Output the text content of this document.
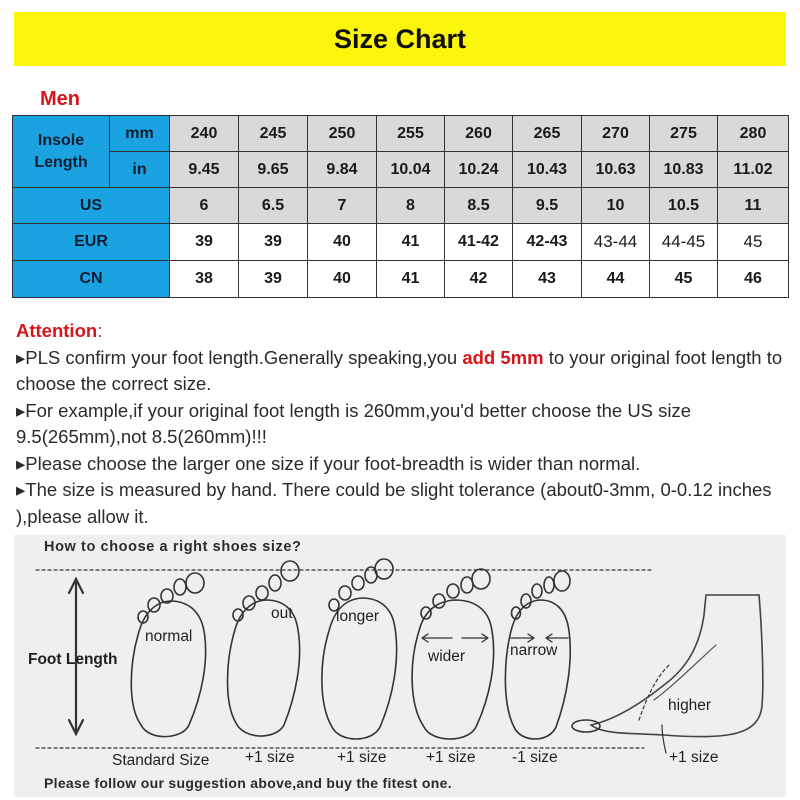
Size Chart
Men
Insole Length	mm	240	245	250	255	260	265	270	275	280
	in	9.45	9.65	9.84	10.04	10.24	10.43	10.63	10.83	11.02
US		6	6.5	7	8	8.5	9.5	10	10.5	11
EUR		39	39	40	41	41-42	42-43	43-44	44-45	45
CN		38	39	40	41	42	43	44	45	46

Attention:

▸PLS confirm your foot length.Generally speaking,you add 5mm to your original foot length to choose the correct size.

▸For example,if your original foot length is 260mm,you'd better choose the US size 9.5(265mm),not 8.5(260mm)!!!

▸Please choose the larger one size if your foot-breadth is wider than normal.

▸The size is measured by hand. There could be slight tolerance (about0-3mm, 0-0.12 inches ),please allow it.

How to choose a right shoes size?
Foot Length
normal
out	longer
wider	narrow
higher
Standard Size +1 size	+1 size	+1 size -1 size	+1 size
Please follow our suggestion above,and buy the fitest one.
